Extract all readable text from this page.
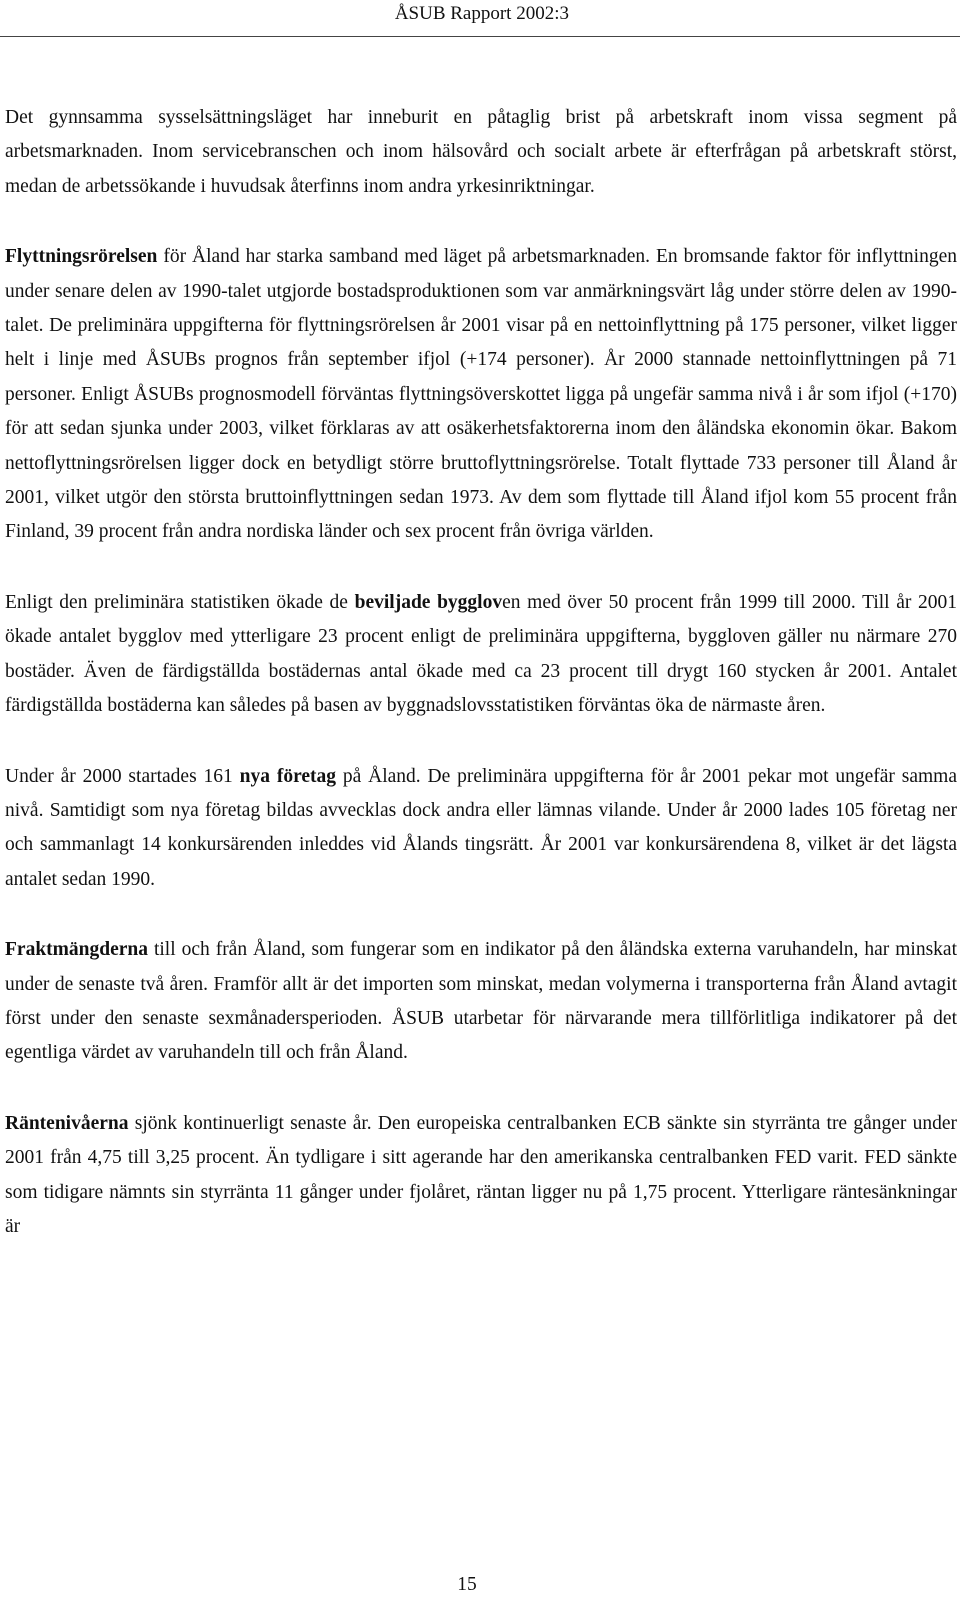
ÅSUB Rapport 2002:3

Det gynnsamma sysselsättningsläget har inneburit en påtaglig brist på arbetskraft inom vissa segment på arbetsmarknaden. Inom servicebranschen och inom hälsovård och socialt arbete är efterfrågan på arbetskraft störst, medan de arbetssökande i huvudsak återfinns inom andra yrkesinriktningar.

Flyttningsrörelsen för Åland har starka samband med läget på arbetsmarknaden. En bromsande faktor för inflyttningen under senare delen av 1990-talet utgjorde bostadsproduktionen som var anmärkningsvärt låg under större delen av 1990-talet. De preliminära uppgifterna för flyttningsrörelsen år 2001 visar på en nettoinflyttning på 175 personer, vilket ligger helt i linje med ÅSUBs prognos från september ifjol (+174 personer). År 2000 stannade nettoinflyttningen på 71 personer. Enligt ÅSUBs prognosmodell förväntas flyttningsöverskottet ligga på ungefär samma nivå i år som ifjol (+170) för att sedan sjunka under 2003, vilket förklaras av att osäkerhetsfaktorerna inom den åländska ekonomin ökar. Bakom nettoflyttningsrörelsen ligger dock en betydligt större bruttoflyttningsrörelse. Totalt flyttade 733 personer till Åland år 2001, vilket utgör den största bruttoinflyttningen sedan 1973. Av dem som flyttade till Åland ifjol kom 55 procent från Finland, 39 procent från andra nordiska länder och sex procent från övriga världen.

Enligt den preliminära statistiken ökade de beviljade byggloven med över 50 procent från 1999 till 2000. Till år 2001 ökade antalet bygglov med ytterligare 23 procent enligt de preliminära uppgifterna, byggloven gäller nu närmare 270 bostäder. Även de färdigställda bostädernas antal ökade med ca 23 procent till drygt 160 stycken år 2001. Antalet färdigställda bostäderna kan således på basen av byggnadslovsstatistiken förväntas öka de närmaste åren.

Under år 2000 startades 161 nya företag på Åland. De preliminära uppgifterna för år 2001 pekar mot ungefär samma nivå. Samtidigt som nya företag bildas avvecklas dock andra eller lämnas vilande. Under år 2000 lades 105 företag ner och sammanlagt 14 konkursärenden inleddes vid Ålands tingsrätt. År 2001 var konkursärendena 8, vilket är det lägsta antalet sedan 1990.

Fraktmängderna till och från Åland, som fungerar som en indikator på den åländska externa varuhandeln, har minskat under de senaste två åren. Framför allt är det importen som minskat, medan volymerna i transporterna från Åland avtagit först under den senaste sexmånadersperioden. ÅSUB utarbetar för närvarande mera tillförlitliga indikatorer på det egentliga värdet av varuhandeln till och från Åland.

Räntenivåerna sjönk kontinuerligt senaste år. Den europeiska centralbanken ECB sänkte sin styrränta tre gånger under 2001 från 4,75 till 3,25 procent. Än tydligare i sitt agerande har den amerikanska centralbanken FED varit. FED sänkte som tidigare nämnts sin styrränta 11 gånger under fjolåret, räntan ligger nu på 1,75 procent. Ytterligare räntesänkningar är

15
